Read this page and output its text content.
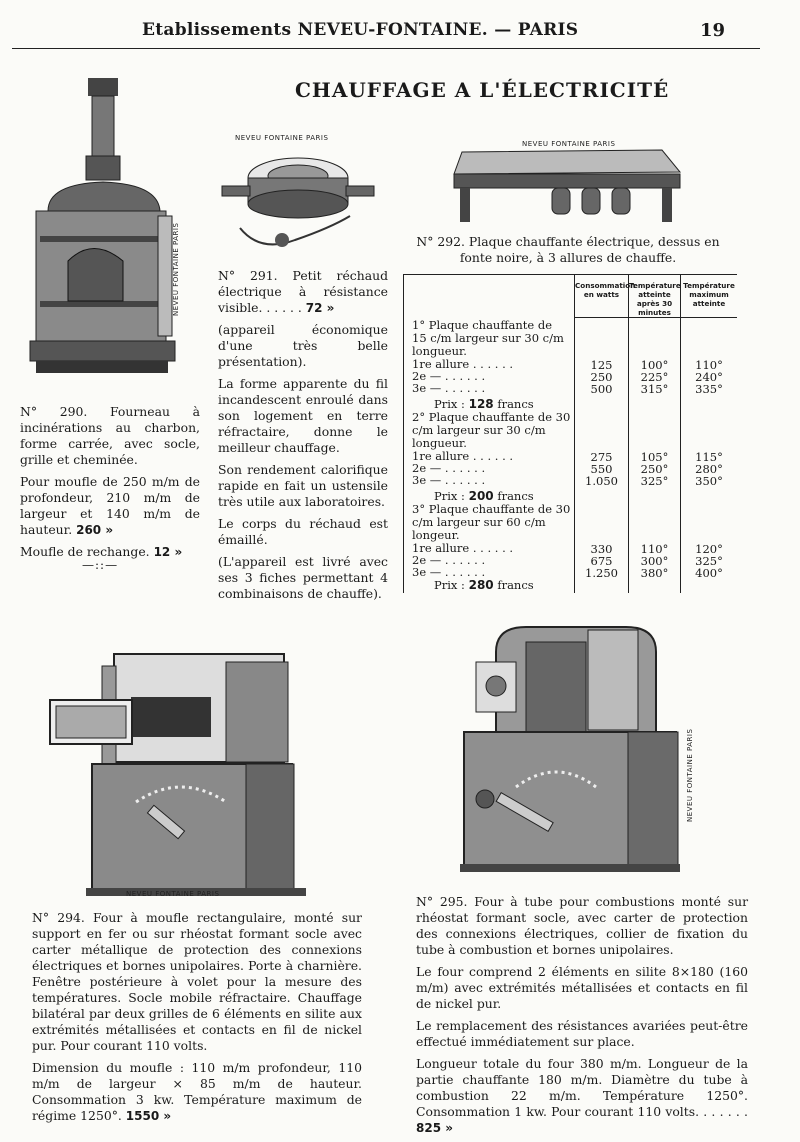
Etablissements NEVEU-FONTAINE. — PARIS	19
CHAUFFAGE A L'ÉLECTRICITÉ
NEVEU FONTAINE PARIS
NEVEU FONTAINE PARIS
NEVEU FONTAINE PARIS

N° 290. Fourneau à incinérations au charbon, forme carrée, avec socle, grille et cheminée.

Pour moufle de 250 m/m de profondeur, 210 m/m de largeur et 140 m/m de hauteur. 260 »

Moufle de rechange. 12 »

—::—

N° 291. Petit réchaud électrique à résistance visible. . . . . . 72 »

(appareil économique d'une très belle présentation).

La forme apparente du fil incandescent enroulé dans son logement en terre réfractaire, donne le meilleur chauffage.

Son rendement calorifique rapide en fait un ustensile très utile aux laboratoires.

Le corps du réchaud est émaillé.

(L'appareil est livré avec ses 3 fiches permettant 4 combinaisons de chauffe).

N° 292. Plaque chauffante électrique, dessus en fonte noire, à 3 allures de chauffe.
Consommation en watts
Température atteinte après 30 minutes
Température maximum atteinte
1° Plaque chauffante de 15 c/m largeur sur 30 c/m longueur.
1re allure . . . . . .	125	100°	110°
2e — . . . . . .	250	225°	240°
3e — . . . . . .	500	315°	335°
Prix : 128 francs
2° Plaque chauffante de 30 c/m largeur sur 30 c/m longueur.
1re allure . . . . . .	275	105°	115°
2e — . . . . . .	550	250°	280°
3e — . . . . . .	1.050	325°	350°
Prix : 200 francs
3° Plaque chauffante de 30 c/m largeur sur 60 c/m longeur.
1re allure . . . . . .	330	110°	120°
2e — . . . . . .	675	300°	325°
3e — . . . . . .	1.250	380°	400°
Prix : 280 francs
NEVEU FONTAINE PARIS
NEVEU FONTAINE PARIS

N° 294. Four à moufle rectangulaire, monté sur support en fer ou sur rhéostat formant socle avec carter métallique de protection des connexions électriques et bornes unipolaires. Porte à charnière. Fenêtre postérieure à volet pour la mesure des températures. Socle mobile réfractaire. Chauffage bilatéral par deux grilles de 6 éléments en silite aux extrémités métallisées et contacts en fil de nickel pur. Pour courant 110 volts.

Dimension du moufle : 110 m/m profondeur, 110 m/m de largeur × 85 m/m de hauteur. Consommation 3 kw. Température maximum de régime 1250°. 1550 »

N° 295. Four à tube pour combustions monté sur rhéostat formant socle, avec carter de protection des connexions électriques, collier de fixation du tube à combustion et bornes unipolaires.

Le four comprend 2 éléments en silite 8×180 (160 m/m) avec extrémités métallisées et contacts en fil de nickel pur.

Le remplacement des résistances avariées peut-être effectué immédiatement sur place.

Longueur totale du four 380 m/m. Longueur de la partie chauffante 180 m/m. Diamètre du tube à combustion 22 m/m. Température 1250°. Consommation 1 kw. Pour courant 110 volts. . . . . . . 825 »
